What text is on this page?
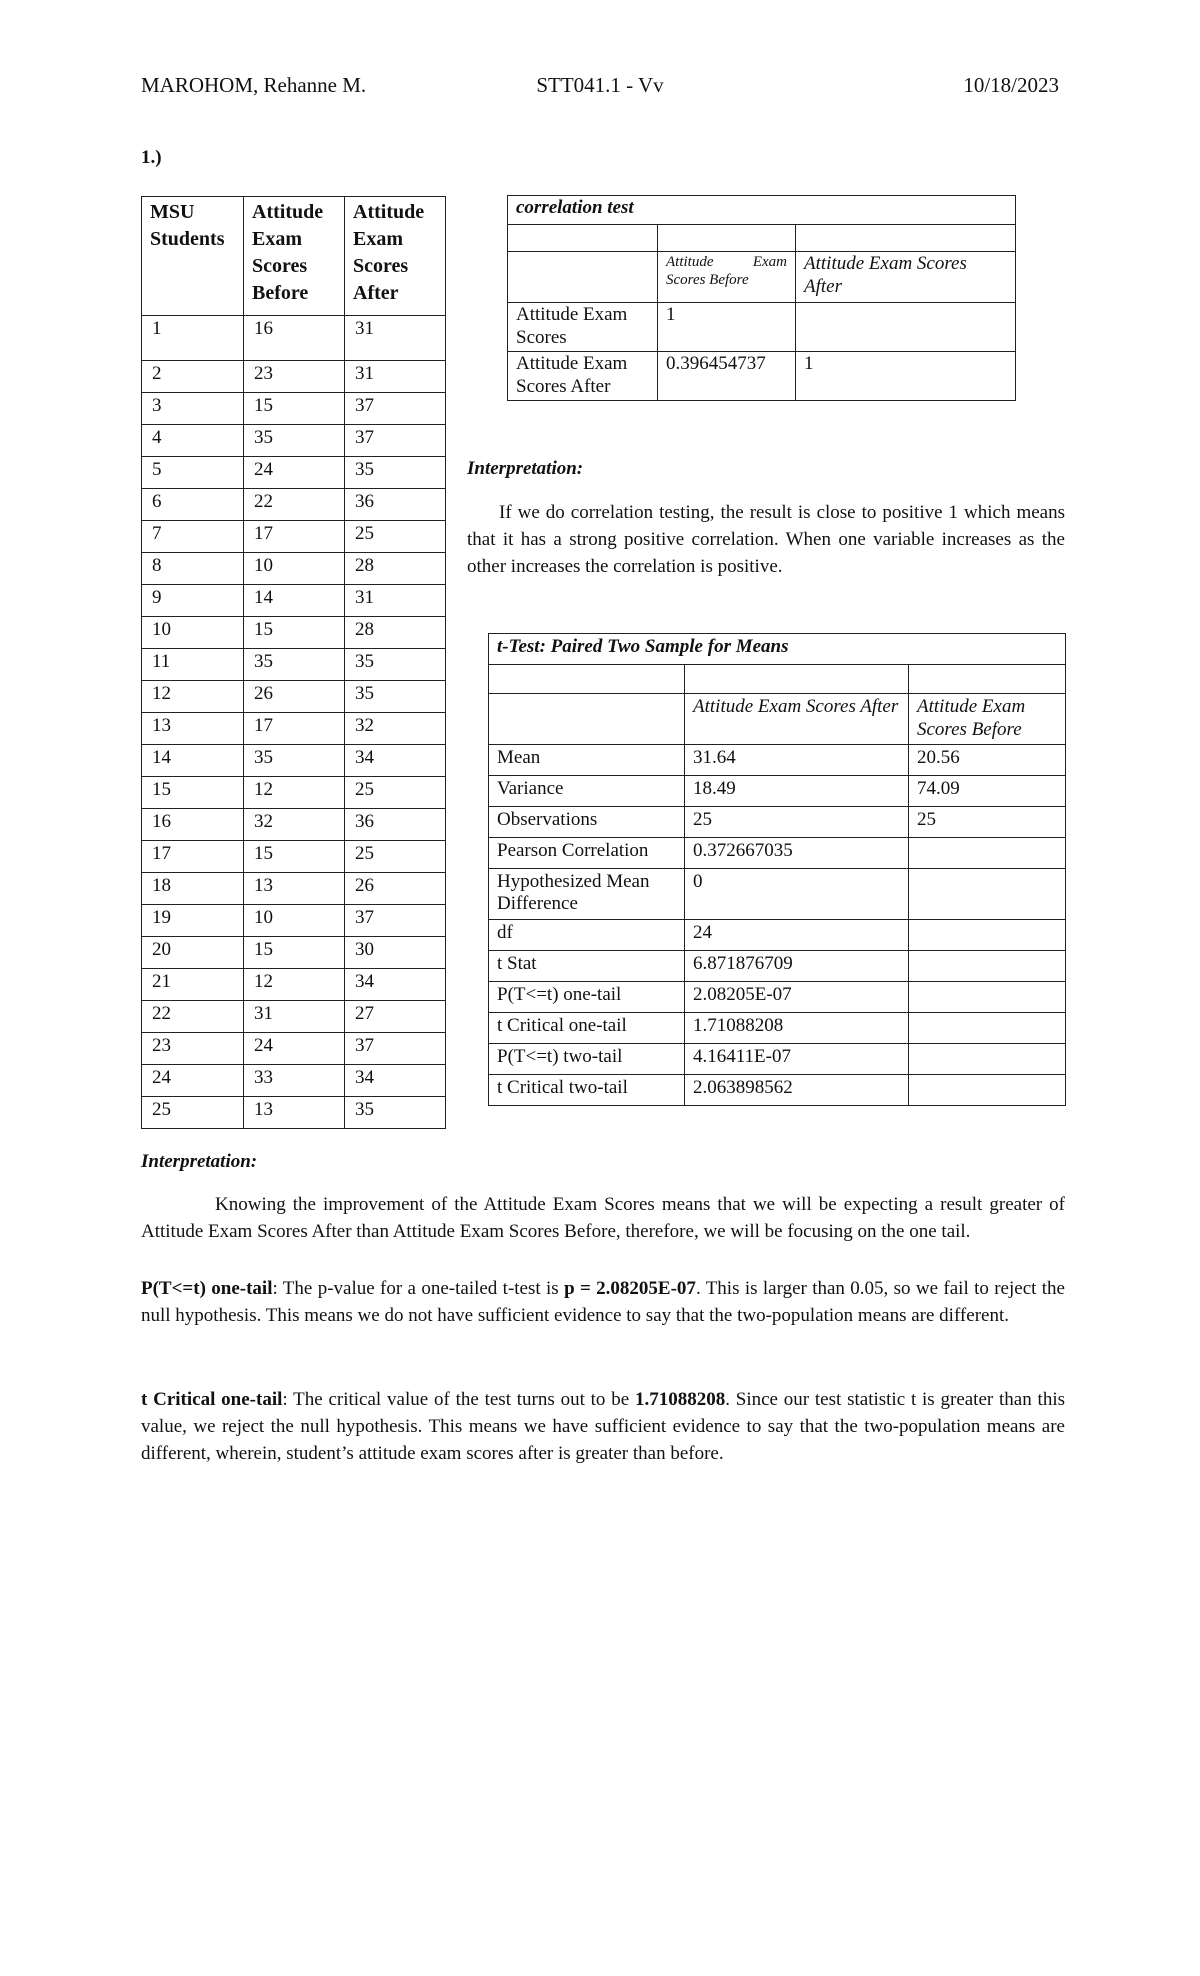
MAROHOM, Rehanne M.	STT041.1 - Vv	10/18/2023
1.)
MSU Students	Attitude Exam Scores Before	Attitude Exam Scores After
1	16	31
2	23	31
3	15	37
4	35	37
5	24	35
6	22	36
7	17	25
8	10	28
9	14	31
10	15	28
11	35	35
12	26	35
13	17	32
14	35	34
15	12	25
16	32	36
17	15	25
18	13	26
19	10	37
20	15	30
21	12	34
22	31	27
23	24	37
24	33	34
25	13	35
correlation test		

	Attitude Exam Scores Before	Attitude Exam Scores After
Attitude Exam Scores	1	
Attitude Exam Scores After	0.396454737	1
Interpretation:
If we do correlation testing, the result is close to positive 1 which means that it has a strong positive correlation. When one variable increases as the other increases the correlation is positive.
t-Test: Paired Two Sample for Means		

	Attitude Exam Scores After	Attitude Exam Scores Before
Mean	31.64	20.56
Variance	18.49	74.09
Observations	25	25
Pearson Correlation	0.372667035	
Hypothesized Mean Difference	0	
df	24	
t Stat	6.871876709	
P(T<=t) one-tail	2.08205E-07	
t Critical one-tail	1.71088208	
P(T<=t) two-tail	4.16411E-07	
t Critical two-tail	2.063898562	
Interpretation:
Knowing the improvement of the Attitude Exam Scores means that we will be expecting a result greater of Attitude Exam Scores After than Attitude Exam Scores Before, therefore, we will be focusing on the one tail.
P(T<=t) one-tail: The p-value for a one-tailed t-test is p = 2.08205E-07. This is larger than 0.05, so we fail to reject the null hypothesis. This means we do not have sufficient evidence to say that the two-population means are different.
t Critical one-tail: The critical value of the test turns out to be 1.71088208. Since our test statistic t is greater than this value, we reject the null hypothesis. This means we have sufficient evidence to say that the two-population means are different, wherein, student’s attitude exam scores after is greater than before.
